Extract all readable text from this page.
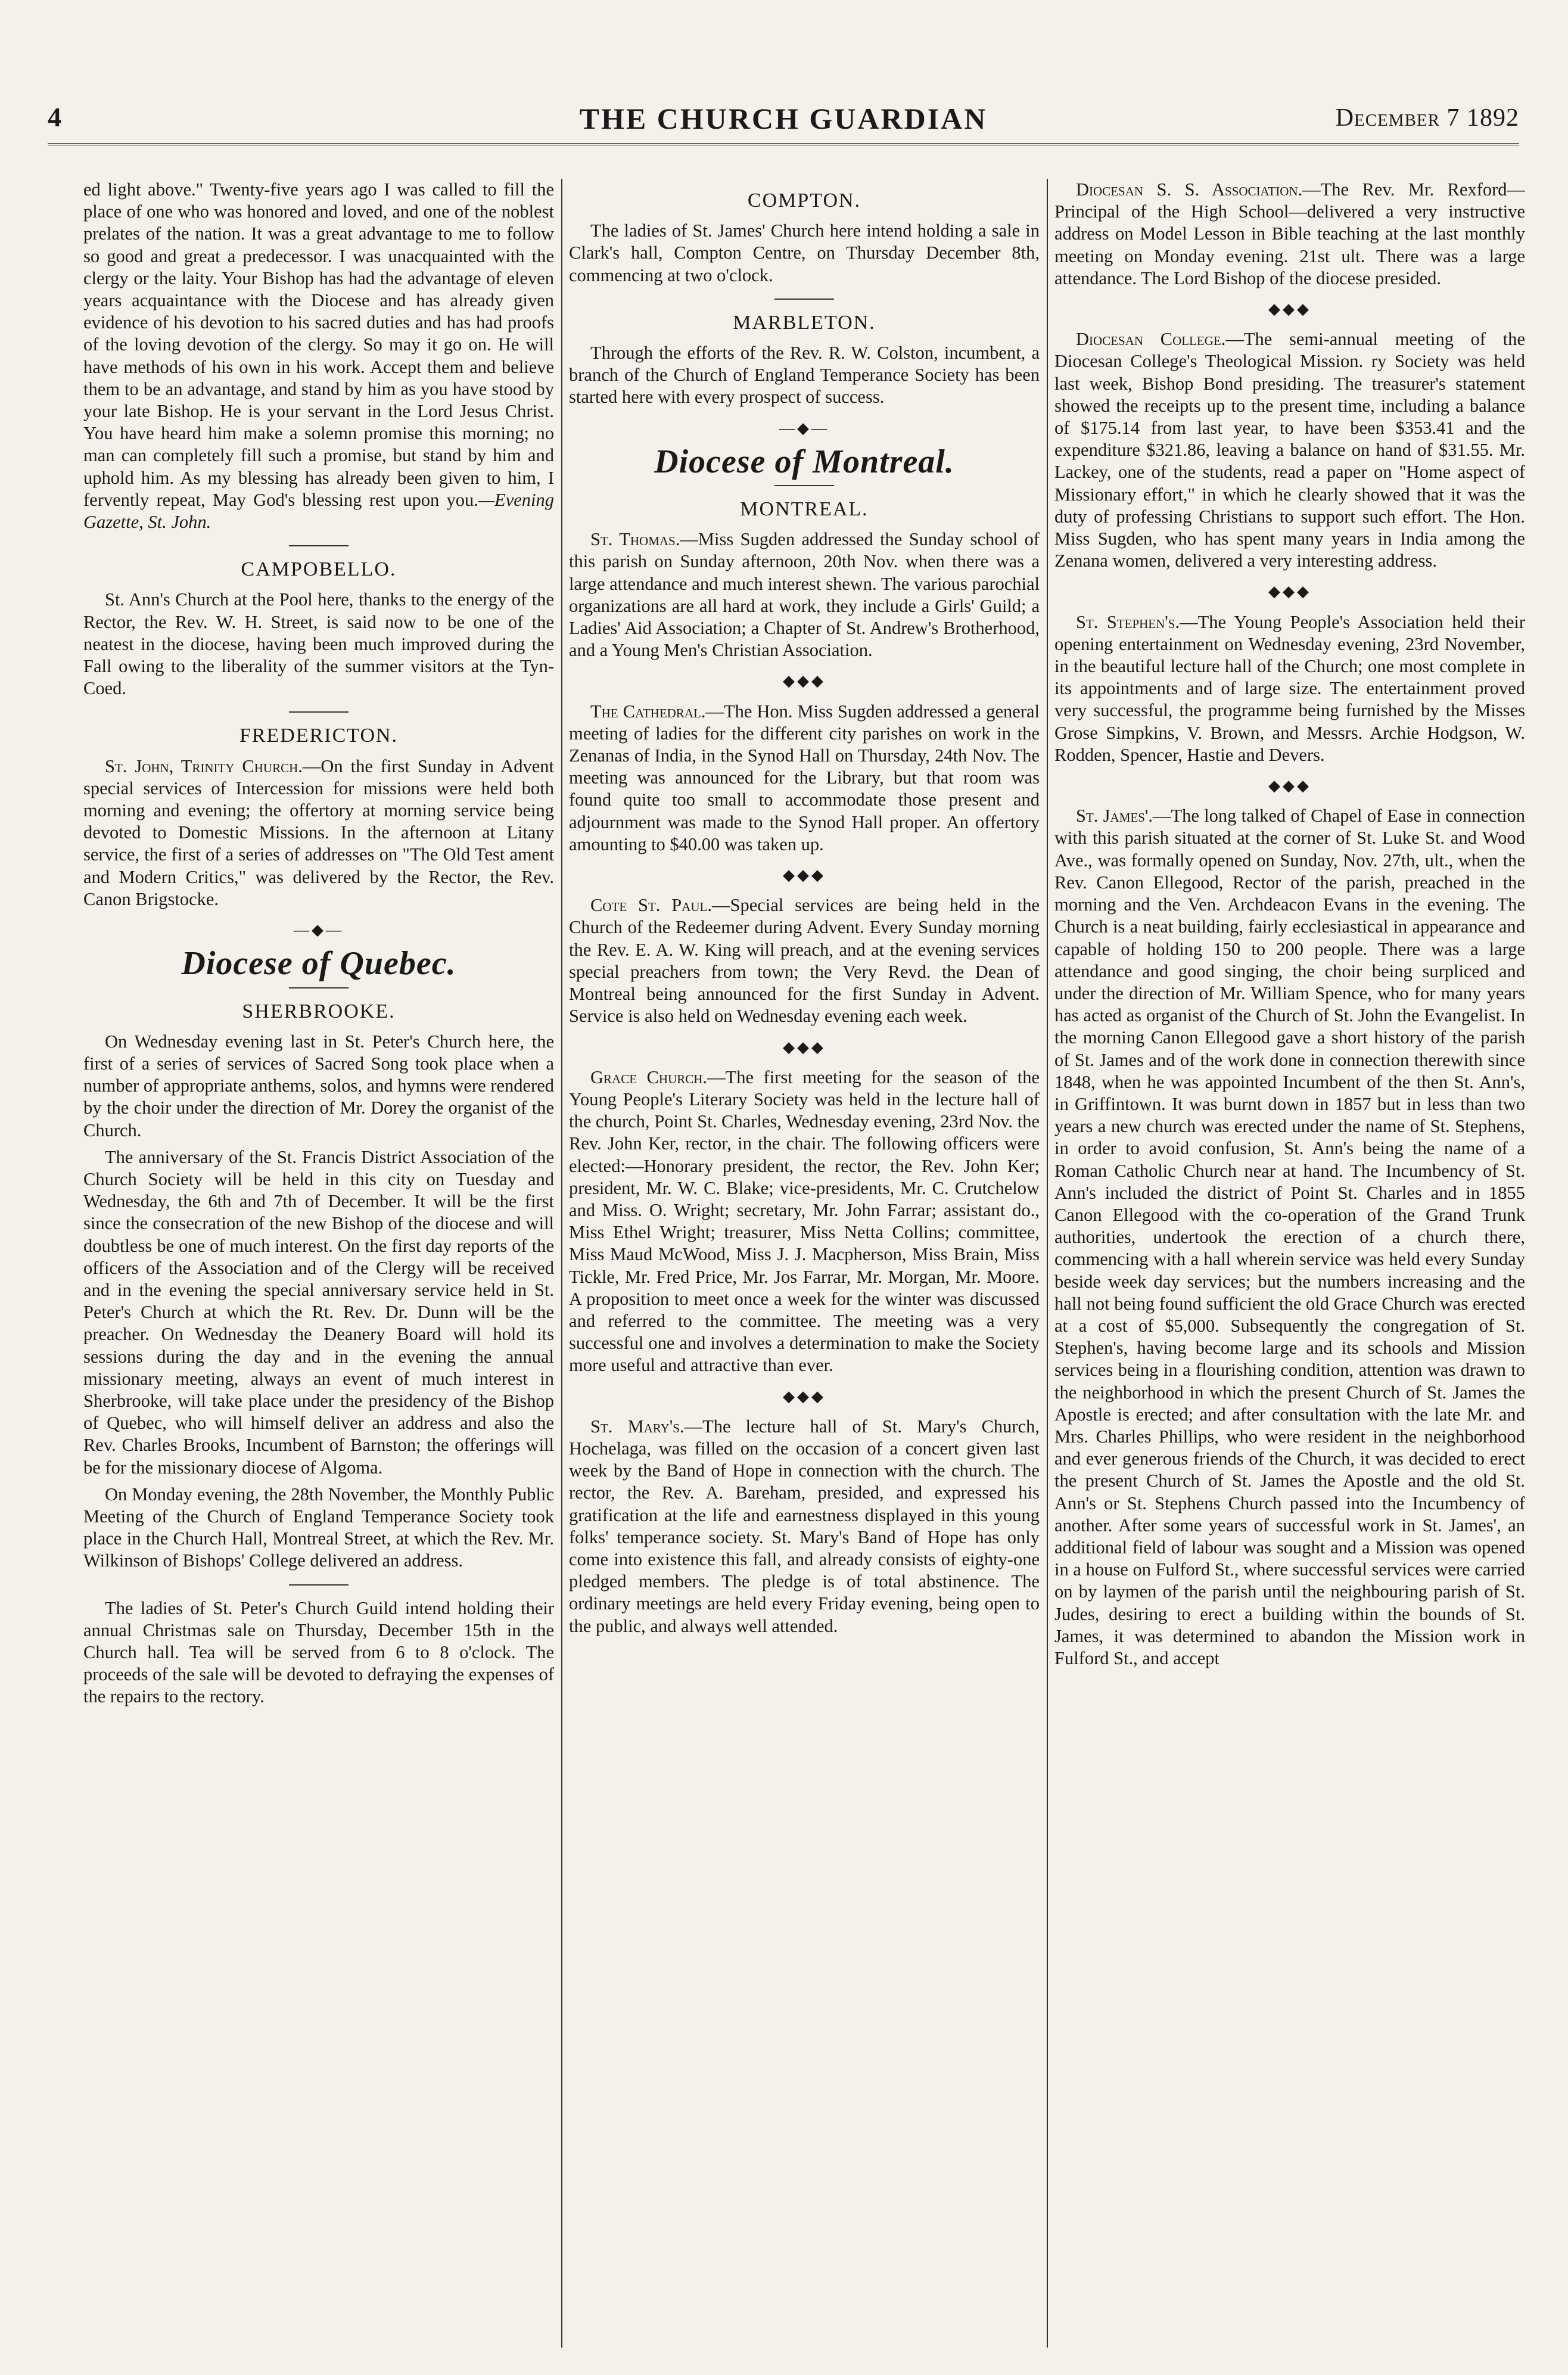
4	THE CHURCH GUARDIAN	December 7 1892

ed light above." Twenty-five years ago I was called to fill the place of one who was honored and loved, and one of the noblest prelates of the nation. It was a great advantage to me to follow so good and great a predecessor. I was unacquainted with the clergy or the laity. Your Bishop has had the advantage of eleven years acquaintance with the Diocese and has already given evidence of his devotion to his sacred duties and has had proofs of the loving devotion of the clergy. So may it go on. He will have methods of his own in his work. Accept them and believe them to be an advantage, and stand by him as you have stood by your late Bishop. He is your servant in the Lord Jesus Christ. You have heard him make a solemn promise this morning; no man can completely fill such a promise, but stand by him and uphold him. As my blessing has already been given to him, I fervently repeat, May God's blessing rest upon you.—Evening Gazette, St. John.

CAMPOBELLO.

St. Ann's Church at the Pool here, thanks to the energy of the Rector, the Rev. W. H. Street, is said now to be one of the neatest in the diocese, having been much improved during the Fall owing to the liberality of the summer visitors at the Tyn-Coed.

FREDERICTON.

St. John, Trinity Church.—On the first Sunday in Advent special services of Intercession for missions were held both morning and evening; the offertory at morning service being devoted to Domestic Missions. In the afternoon at Litany service, the first of a series of addresses on "The Old Test ament and Modern Critics," was delivered by the Rector, the Rev. Canon Brigstocke.

—◆—
Diocese of Quebec.
SHERBROOKE.

On Wednesday evening last in St. Peter's Church here, the first of a series of services of Sacred Song took place when a number of appropriate anthems, solos, and hymns were rendered by the choir under the direction of Mr. Dorey the organist of the Church.

The anniversary of the St. Francis District Association of the Church Society will be held in this city on Tuesday and Wednesday, the 6th and 7th of December. It will be the first since the consecration of the new Bishop of the diocese and will doubtless be one of much interest. On the first day reports of the officers of the Association and of the Clergy will be received and in the evening the special anniversary service held in St. Peter's Church at which the Rt. Rev. Dr. Dunn will be the preacher. On Wednesday the Deanery Board will hold its sessions during the day and in the evening the annual missionary meeting, always an event of much interest in Sherbrooke, will take place under the presidency of the Bishop of Quebec, who will himself deliver an address and also the Rev. Charles Brooks, Incumbent of Barnston; the offerings will be for the missionary diocese of Algoma.

On Monday evening, the 28th November, the Monthly Public Meeting of the Church of England Temperance Society took place in the Church Hall, Montreal Street, at which the Rev. Mr. Wilkinson of Bishops' College delivered an address.

The ladies of St. Peter's Church Guild intend holding their annual Christmas sale on Thursday, December 15th in the Church hall. Tea will be served from 6 to 8 o'clock. The proceeds of the sale will be devoted to defraying the expenses of the repairs to the rectory.

COMPTON.

The ladies of St. James' Church here intend holding a sale in Clark's hall, Compton Centre, on Thursday December 8th, commencing at two o'clock.

MARBLETON.

Through the efforts of the Rev. R. W. Colston, incumbent, a branch of the Church of England Temperance Society has been started here with every prospect of success.

—◆—
Diocese of Montreal.
MONTREAL.

St. Thomas.—Miss Sugden addressed the Sunday school of this parish on Sunday afternoon, 20th Nov. when there was a large attendance and much interest shewn. The various parochial organizations are all hard at work, they include a Girls' Guild; a Ladies' Aid Association; a Chapter of St. Andrew's Brotherhood, and a Young Men's Christian Association.

◆◆◆

The Cathedral.—The Hon. Miss Sugden addressed a general meeting of ladies for the different city parishes on work in the Zenanas of India, in the Synod Hall on Thursday, 24th Nov. The meeting was announced for the Library, but that room was found quite too small to accommodate those present and adjournment was made to the Synod Hall proper. An offertory amounting to $40.00 was taken up.

◆◆◆

Cote St. Paul.—Special services are being held in the Church of the Redeemer during Advent. Every Sunday morning the Rev. E. A. W. King will preach, and at the evening services special preachers from town; the Very Revd. the Dean of Montreal being announced for the first Sunday in Advent. Service is also held on Wednesday evening each week.

◆◆◆

Grace Church.—The first meeting for the season of the Young People's Literary Society was held in the lecture hall of the church, Point St. Charles, Wednesday evening, 23rd Nov. the Rev. John Ker, rector, in the chair. The following officers were elected:—Honorary president, the rector, the Rev. John Ker; president, Mr. W. C. Blake; vice-presidents, Mr. C. Crutchelow and Miss. O. Wright; secretary, Mr. John Farrar; assistant do., Miss Ethel Wright; treasurer, Miss Netta Collins; committee, Miss Maud McWood, Miss J. J. Macpherson, Miss Brain, Miss Tickle, Mr. Fred Price, Mr. Jos Farrar, Mr. Morgan, Mr. Moore. A proposition to meet once a week for the winter was discussed and referred to the committee. The meeting was a very successful one and involves a determination to make the Society more useful and attractive than ever.

◆◆◆

St. Mary's.—The lecture hall of St. Mary's Church, Hochelaga, was filled on the occasion of a concert given last week by the Band of Hope in connection with the church. The rector, the Rev. A. Bareham, presided, and expressed his gratification at the life and earnestness displayed in this young folks' temperance society. St. Mary's Band of Hope has only come into existence this fall, and already consists of eighty-one pledged members. The pledge is of total abstinence. The ordinary meetings are held every Friday evening, being open to the public, and always well attended.

Diocesan S. S. Association.—The Rev. Mr. Rexford—Principal of the High School—delivered a very instructive address on Model Lesson in Bible teaching at the last monthly meeting on Monday evening. 21st ult. There was a large attendance. The Lord Bishop of the diocese presided.

◆◆◆

Diocesan College.—The semi-annual meeting of the Diocesan College's Theological Mission. ry Society was held last week, Bishop Bond presiding. The treasurer's statement showed the receipts up to the present time, including a balance of $175.14 from last year, to have been $353.41 and the expenditure $321.86, leaving a balance on hand of $31.55. Mr. Lackey, one of the students, read a paper on "Home aspect of Missionary effort," in which he clearly showed that it was the duty of professing Christians to support such effort. The Hon. Miss Sugden, who has spent many years in India among the Zenana women, delivered a very interesting address.

◆◆◆

St. Stephen's.—The Young People's Association held their opening entertainment on Wednesday evening, 23rd November, in the beautiful lecture hall of the Church; one most complete in its appointments and of large size. The entertainment proved very successful, the programme being furnished by the Misses Grose Simpkins, V. Brown, and Messrs. Archie Hodgson, W. Rodden, Spencer, Hastie and Devers.

◆◆◆

St. James'.—The long talked of Chapel of Ease in connection with this parish situated at the corner of St. Luke St. and Wood Ave., was formally opened on Sunday, Nov. 27th, ult., when the Rev. Canon Ellegood, Rector of the parish, preached in the morning and the Ven. Archdeacon Evans in the evening. The Church is a neat building, fairly ecclesiastical in appearance and capable of holding 150 to 200 people. There was a large attendance and good singing, the choir being surpliced and under the direction of Mr. William Spence, who for many years has acted as organist of the Church of St. John the Evangelist. In the morning Canon Ellegood gave a short history of the parish of St. James and of the work done in connection therewith since 1848, when he was appointed Incumbent of the then St. Ann's, in Griffintown. It was burnt down in 1857 but in less than two years a new church was erected under the name of St. Stephens, in order to avoid confusion, St. Ann's being the name of a Roman Catholic Church near at hand. The Incumbency of St. Ann's included the district of Point St. Charles and in 1855 Canon Ellegood with the co-operation of the Grand Trunk authorities, undertook the erection of a church there, commencing with a hall wherein service was held every Sunday beside week day services; but the numbers increasing and the hall not being found sufficient the old Grace Church was erected at a cost of $5,000. Subsequently the congregation of St. Stephen's, having become large and its schools and Mission services being in a flourishing condition, attention was drawn to the neighborhood in which the present Church of St. James the Apostle is erected; and after consultation with the late Mr. and Mrs. Charles Phillips, who were resident in the neighborhood and ever generous friends of the Church, it was decided to erect the present Church of St. James the Apostle and the old St. Ann's or St. Stephens Church passed into the Incumbency of another. After some years of successful work in St. James', an additional field of labour was sought and a Mission was opened in a house on Fulford St., where successful services were carried on by laymen of the parish until the neighbouring parish of St. Judes, desiring to erect a building within the bounds of St. James, it was determined to abandon the Mission work in Fulford St., and accept
